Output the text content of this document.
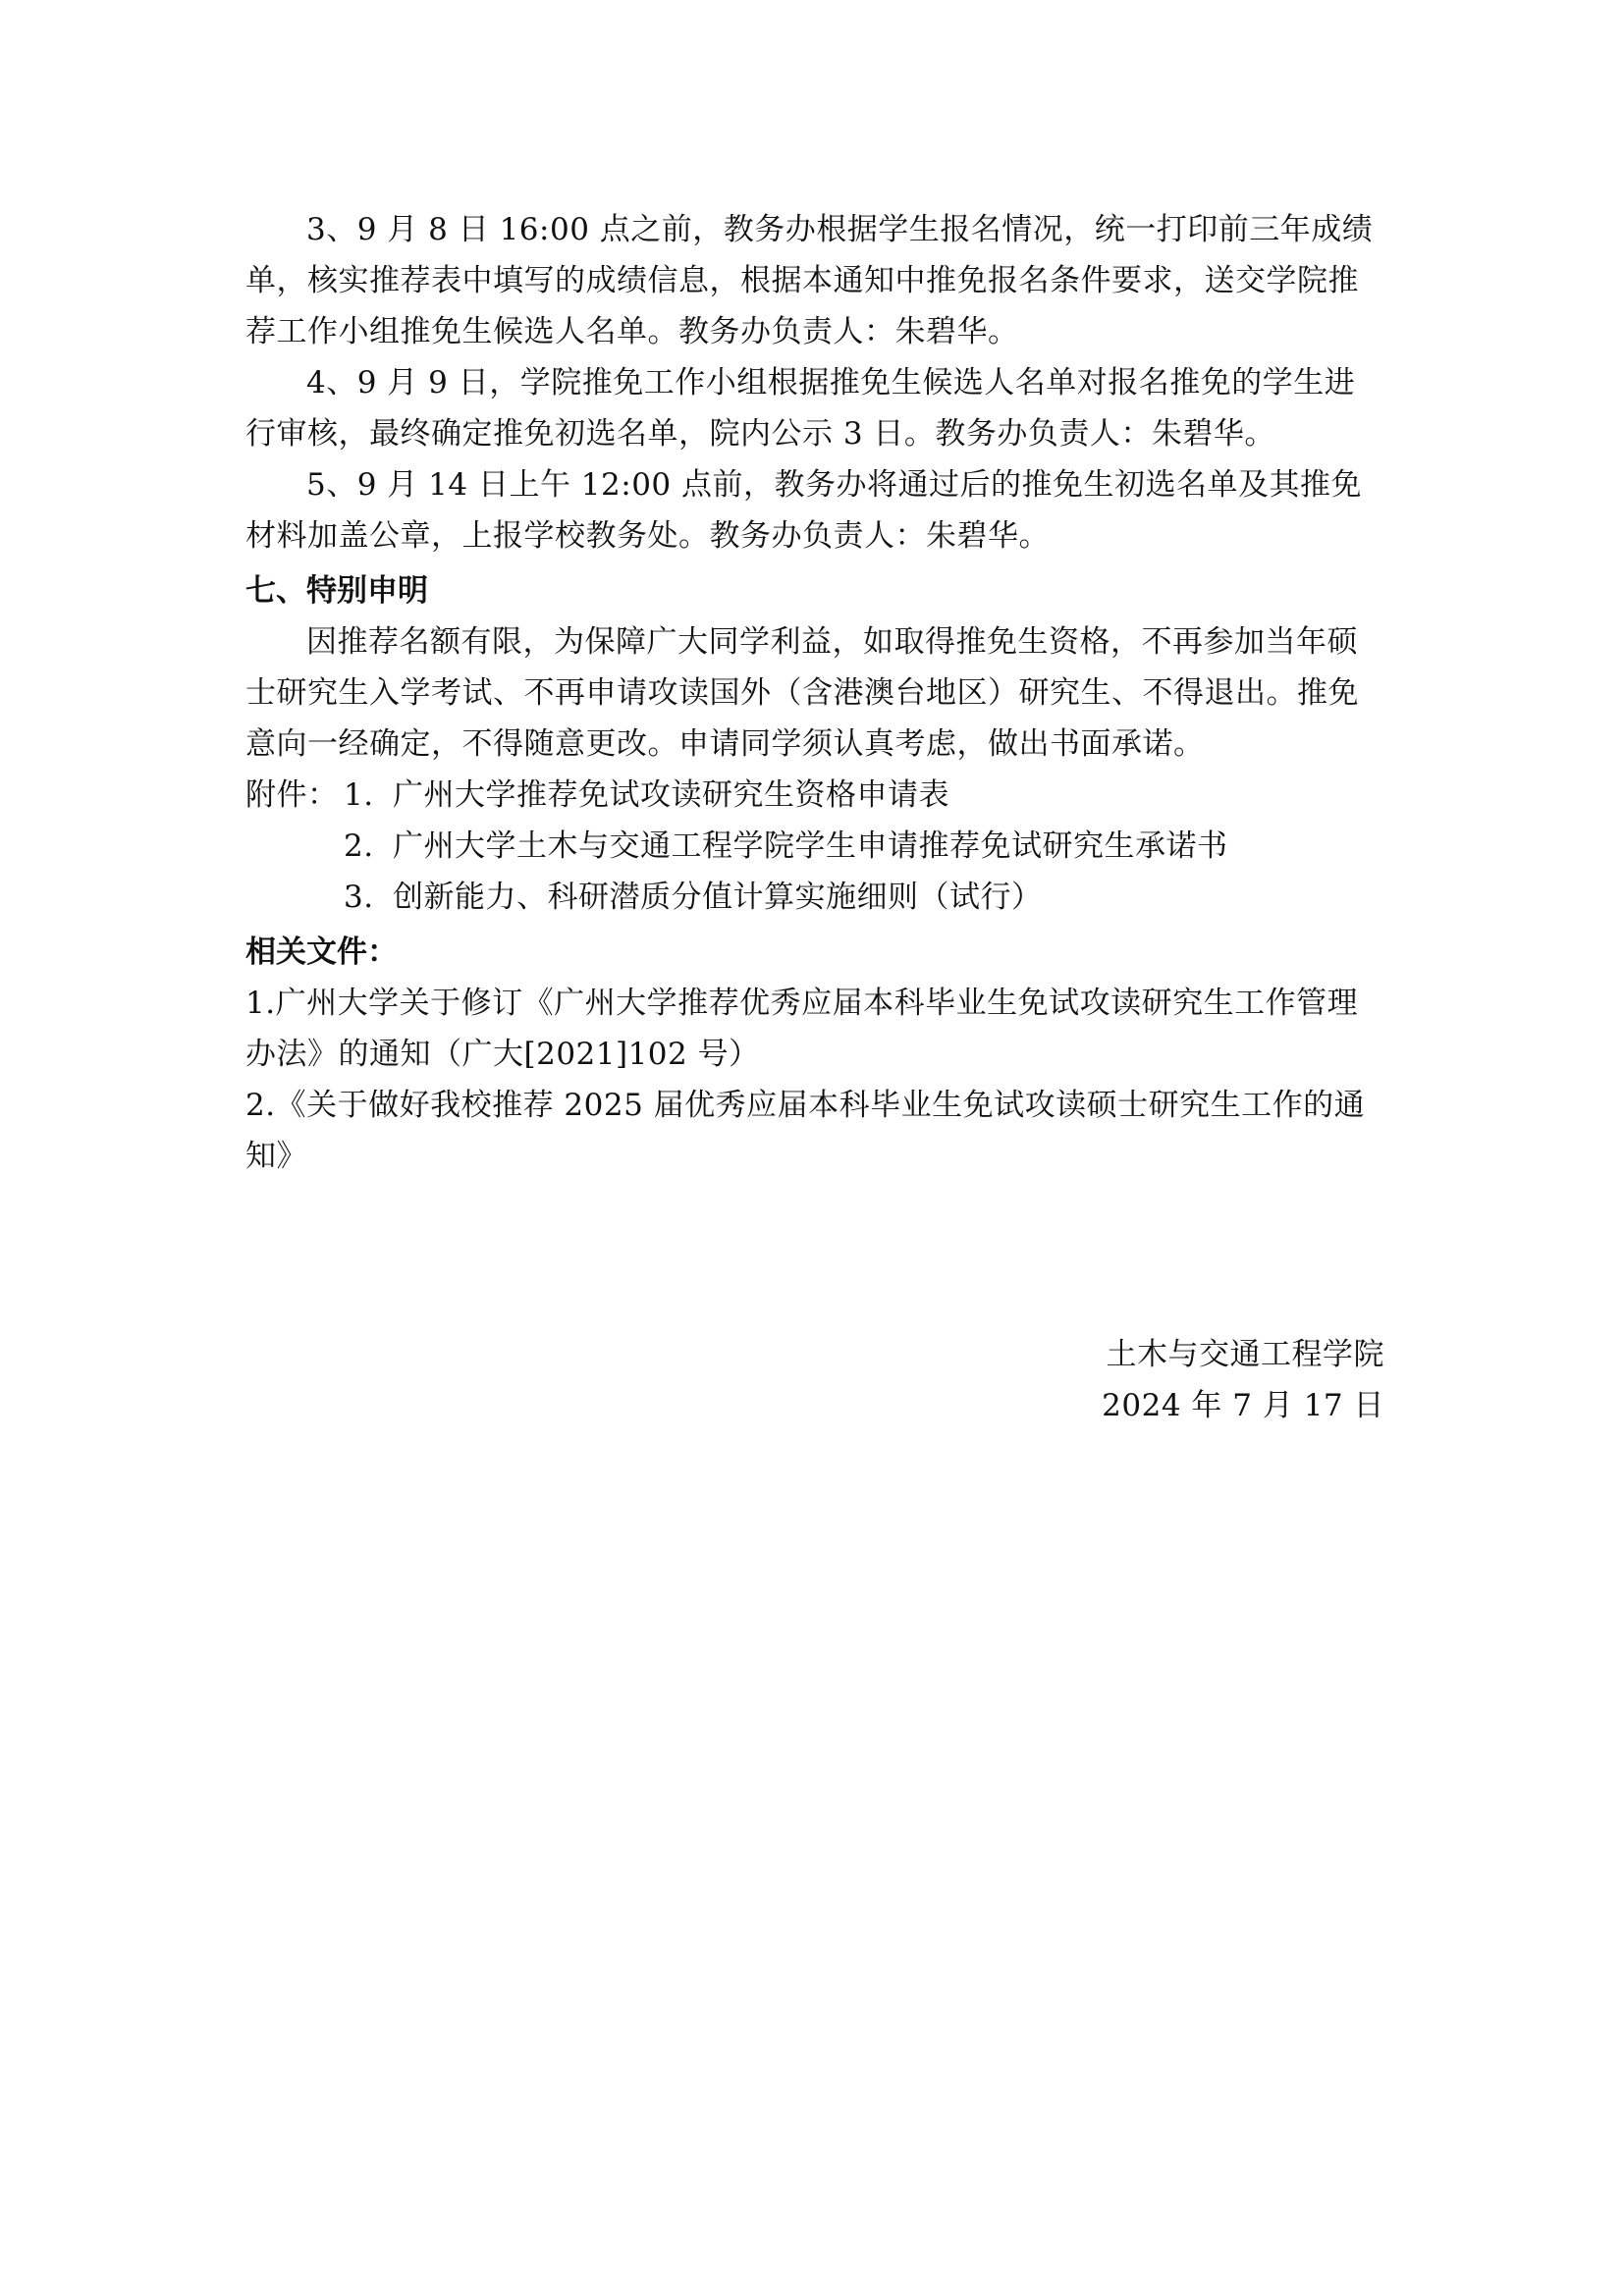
3、9 月 8 日 16:00 点之前，教务办根据学生报名情况，统一打印前三年成绩单，核实推荐表中填写的成绩信息，根据本通知中推免报名条件要求，送交学院推荐工作小组推免生候选人名单。教务办负责人：朱碧华。

4、9 月 9 日，学院推免工作小组根据推免生候选人名单对报名推免的学生进行审核，最终确定推免初选名单，院内公示 3 日。教务办负责人：朱碧华。

5、9 月 14 日上午 12:00 点前，教务办将通过后的推免生初选名单及其推免材料加盖公章，上报学校教务处。教务办负责人：朱碧华。

七、特别申明

因推荐名额有限，为保障广大同学利益，如取得推免生资格，不再参加当年硕士研究生入学考试、不再申请攻读国外（含港澳台地区）研究生、不得退出。推免意向一经确定，不得随意更改。申请同学须认真考虑，做出书面承诺。

附件： 1. 广州大学推荐免试攻读研究生资格申请表

2. 广州大学土木与交通工程学院学生申请推荐免试研究生承诺书

3. 创新能力、科研潜质分值计算实施细则（试行）

相关文件：

1.广州大学关于修订《广州大学推荐优秀应届本科毕业生免试攻读研究生工作管理办法》的通知（广大[2021]102 号）

2.《关于做好我校推荐 2025 届优秀应届本科毕业生免试攻读硕士研究生工作的通知》

土木与交通工程学院

2024 年 7 月 17 日
